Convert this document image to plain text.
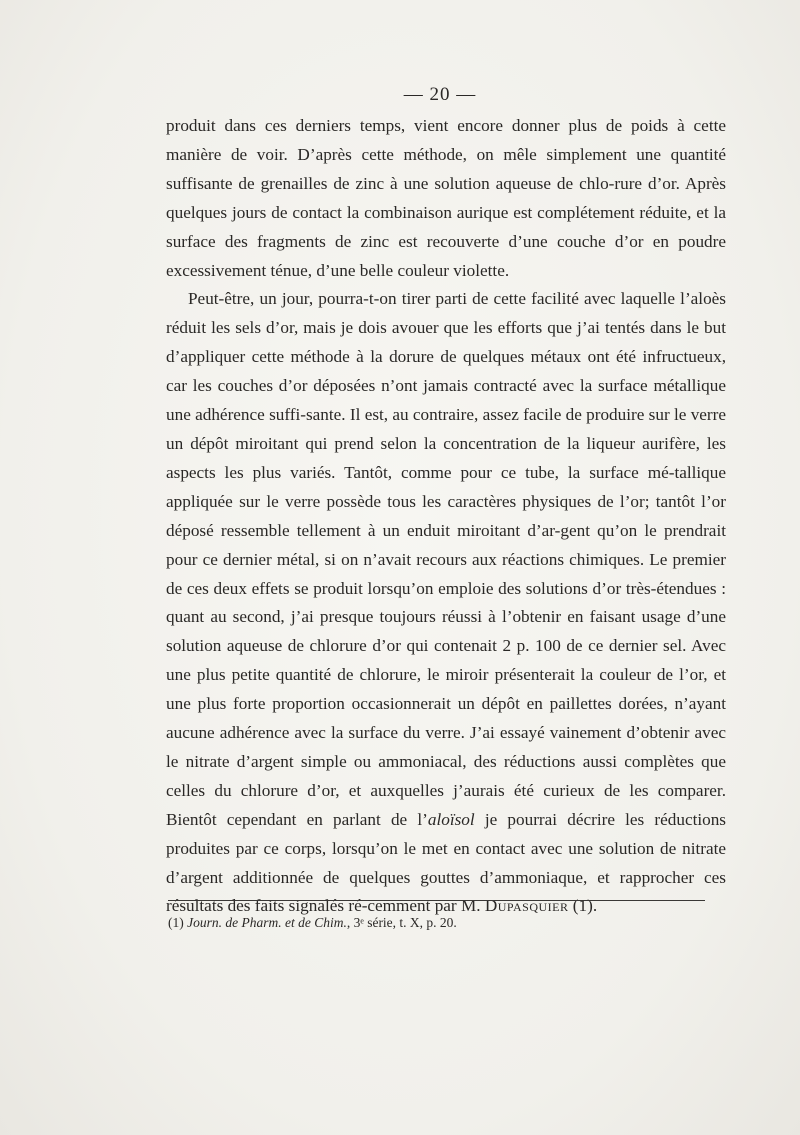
— 20 —

produit dans ces derniers temps, vient encore donner plus de poids à cette manière de voir. D’après cette méthode, on mêle simplement une quantité suffisante de grenailles de zinc à une solution aqueuse de chlo-rure d’or. Après quelques jours de contact la combinaison aurique est complétement réduite, et la surface des fragments de zinc est recouverte d’une couche d’or en poudre excessivement ténue, d’une belle couleur violette.

Peut-être, un jour, pourra-t-on tirer parti de cette facilité avec laquelle l’aloès réduit les sels d’or, mais je dois avouer que les efforts que j’ai tentés dans le but d’appliquer cette méthode à la dorure de quelques métaux ont été infructueux, car les couches d’or déposées n’ont jamais contracté avec la surface métallique une adhérence suffi-sante. Il est, au contraire, assez facile de produire sur le verre un dépôt miroitant qui prend selon la concentration de la liqueur aurifère, les aspects les plus variés. Tantôt, comme pour ce tube, la surface mé-tallique appliquée sur le verre possède tous les caractères physiques de l’or; tantôt l’or déposé ressemble tellement à un enduit miroitant d’ar-gent qu’on le prendrait pour ce dernier métal, si on n’avait recours aux réactions chimiques. Le premier de ces deux effets se produit lorsqu’on emploie des solutions d’or très-étendues : quant au second, j’ai presque toujours réussi à l’obtenir en faisant usage d’une solution aqueuse de chlorure d’or qui contenait 2 p. 100 de ce dernier sel. Avec une plus petite quantité de chlorure, le miroir présenterait la couleur de l’or, et une plus forte proportion occasionnerait un dépôt en paillettes dorées, n’ayant aucune adhérence avec la surface du verre. J’ai essayé vainement d’obtenir avec le nitrate d’argent simple ou ammoniacal, des réductions aussi complètes que celles du chlorure d’or, et auxquelles j’aurais été curieux de les comparer. Bientôt cependant en parlant de l’aloïsol je pourrai décrire les réductions produites par ce corps, lorsqu’on le met en contact avec une solution de nitrate d’argent additionnée de quelques gouttes d’ammoniaque, et rapprocher ces résultats des faits signalés ré-cemment par M. Dupasquier (1).

(1) Journ. de Pharm. et de Chim., 3ᵉ série, t. X, p. 20.
